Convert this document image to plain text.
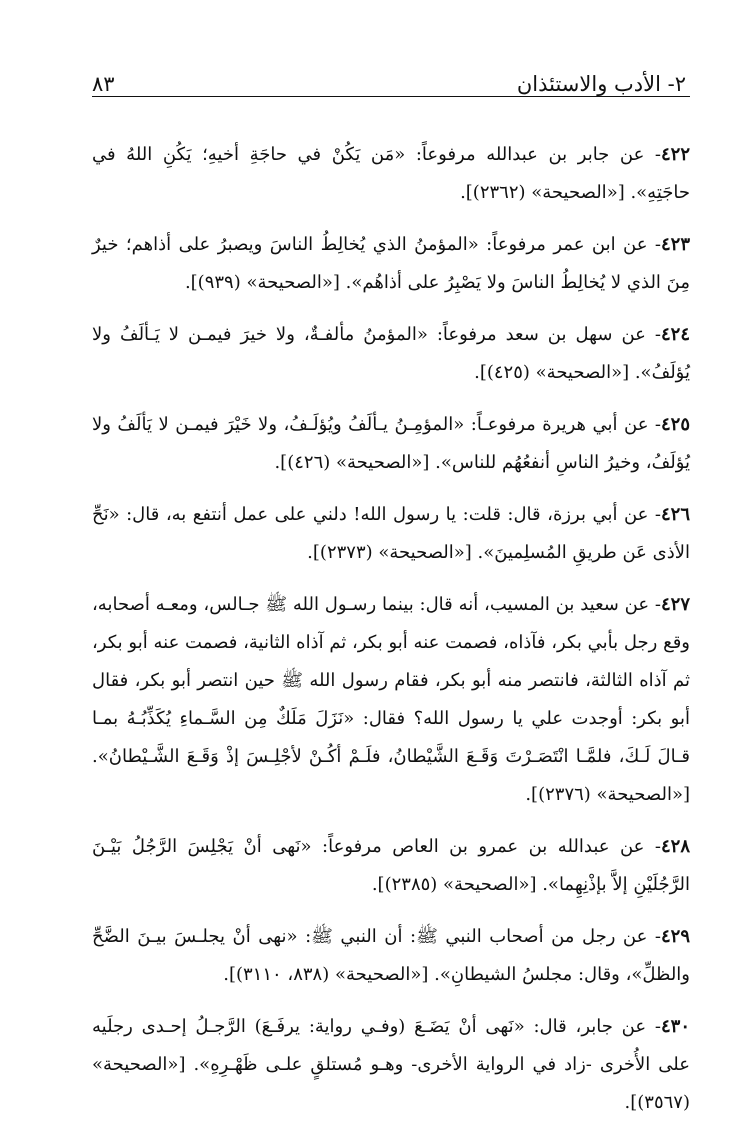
٨٣	٢- الأدب والاستئذان

٤٢٢- عن جابر بن عبدالله مرفوعاً: «مَن يَكُنْ في حاجَةِ أخيهِ؛ يَكُنِ اللهُ في حاجَتِهِ». [«الصحيحة» (٢٣٦٢)].

٤٢٣- عن ابن عمر مرفوعاً: «المؤمنُ الذي يُخالِطُ الناسَ ويصبرُ على أذاهم؛ خيرٌ مِنَ الذي لا يُخالِطُ الناسَ ولا يَصْبِرُ على أذاهُم». [«الصحيحة» (٩٣٩)].

٤٢٤- عن سهل بن سعد مرفوعاً: «المؤمنُ مألفـةٌ، ولا خيرَ فيمـن لا يَـألَفُ ولا يُؤلَفُ». [«الصحيحة» (٤٢٥)].

٤٢٥- عن أبي هريرة مرفوعـاً: «المؤمِـنُ يـألَفُ ويُؤلَـفُ، ولا خَيْرَ فيمـن لا يَألَفُ ولا يُؤلَفُ، وخيرُ الناسِ أنفعُهُم للناس». [«الصحيحة» (٤٢٦)].

٤٢٦- عن أبي برزة، قال: قلت: يا رسول الله! دلني على عمل أنتفع به، قال: «نَحِّ الأذى عَن طريقِ المُسلِمينَ». [«الصحيحة» (٢٣٧٣)].

٤٢٧- عن سعيد بن المسيب، أنه قال: بينما رسـول الله ﷺ جـالس، ومعـه أصحابه، وقع رجل بأبي بكر، فآذاه، فصمت عنه أبو بكر، ثم آذاه الثانية، فصمت عنه أبو بكر، ثم آذاه الثالثة، فانتصر منه أبو بكر، فقام رسول الله ﷺ حين انتصر أبو بكر، فقال أبو بكر: أوجدت علي يا رسول الله؟ فقال: «نَزَلَ مَلَكٌ مِن السَّـماءِ يُكَذِّبُـهُ بمـا قـالَ لَـكَ، فلمَّـا انْتَصَـرْتَ وَقَـعَ الشَّيْطانُ، فلَـمْ أكُـنْ لأجْلِـسَ إذْ وَقَـعَ الشَّـيْطانُ». [«الصحيحة» (٢٣٧٦)].

٤٢٨- عن عبدالله بن عمرو بن العاص مرفوعاً: «نَهى أنْ يَجْلِسَ الرَّجُلُ بَيْـنَ الرَّجُلَيْنِ إلاَّ بإذْنِهِما». [«الصحيحة» (٢٣٨٥)].

٤٢٩- عن رجل من أصحاب النبي ﷺ: أن النبي ﷺ: «نهى أنْ يجلـسَ بيـنَ الضَّحِّ والظلِّ»، وقال: مجلسُ الشيطانِ». [«الصحيحة» (٨٣٨، ٣١١٠)].

٤٣٠- عن جابر، قال: «نَهى أنْ يَضَـعَ (وفـي رواية: يرفَـعَ) الرَّجـلُ إحـدى رجلَيه على الأُخرى -زاد في الرواية الأخرى- وهـو مُستلقٍ علـى ظَهْـرِهِ». [«الصحيحة» (٣٥٦٧)].
